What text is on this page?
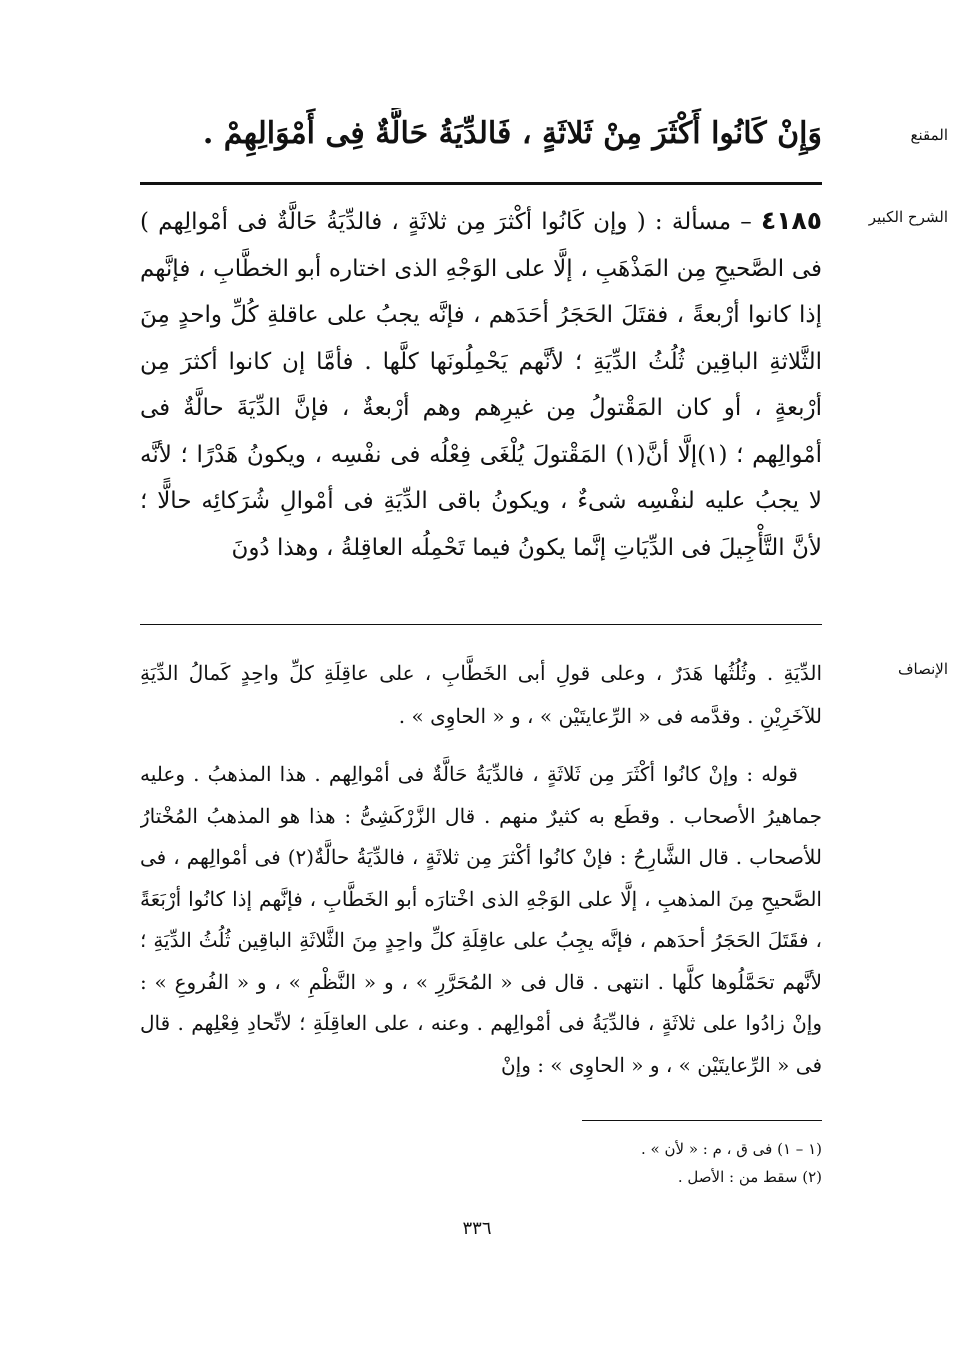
المقنع
وَإِنْ كَانُوا أَكْثَرَ مِنْ ثَلاثَةٍ ، فَالدِّيَةُ حَالَّةٌ فِى أَمْوَالِهِمْ .
الشرح الكبير
٤١٨٥ – مسألة : ( وإن كَانُوا أكْثرَ مِن ثلاثَةٍ ، فالدِّيَةُ حَالَّةٌ فى أمْوالِهم ) فى الصَّحيحِ مِن المَذْهَبِ ، إلَّا على الوَجْهِ الذى اختاره أبو الخطَّابِ ، فإنَّهم إذا كانوا أرْبعةً ، فقتَلَ الحَجَرُ أحَدَهم ، فإنَّه يجبُ على عاقلةِ كُلِّ واحدٍ مِنَ الثَّلاثةِ الباقِين ثُلُثُ الدِّيَةِ ؛ لأنَّهم يَحْمِلُونَها كلَّها . فأمَّا إن كانوا أكثرَ مِن أرْبعةٍ ، أو كان المَقْتولُ مِن غيرِهم وهم أرْبعةٌ ، فإنَّ الدِّيَةَ حالَّةٌ فى أمْوالِهم ؛ (١)إلَّا أنَّ(١) المَقْتولَ يُلْغَى فِعْلُه فى نفْسِه ، ويكونُ هَدْرًا ؛ لأنَّه لا يجبُ عليه لنفْسِه شىءٌ ، ويكونُ باقى الدِّيَةِ فى أمْوالِ شُرَكائِه حالًّا ؛ لأنَّ التَّأْجِيلَ فى الدِّيَاتِ إنَّما يكونُ فيما تَحْمِلُه العاقِلةُ ، وهذا دُونَ
الإنصاف
الدِّيَةِ . وثُلُثُها هَدَرٌ ، وعلى قولِ أبى الخَطَّابِ ، على عاقِلَةِ كلِّ واحِدٍ كَمالُ الدِّيَةِ للآخَرِيْنِ . وقدَّمه فى « الرِّعايتَيْن » ، و « الحاوِى » .
قوله : وإنْ كانُوا أكْثَرَ مِن ثَلاثَةٍ ، فالدِّيَةُ حَالَّةٌ فى أمْوالِهم . هذا المذهبُ . وعليه جماهيرُ الأصحاب . وقطَع به كثيرٌ منهم . قال الزَّرْكَشِىُّ : هذا هو المذهبُ المُخْتارُ للأصحاب . قال الشَّارِحُ : فإنْ كانُوا أكْثرَ مِن ثلاثَةٍ ، فالدِّيَةُ حالَّةٌ(٢) فى أمْوالِهم ، فى الصَّحيحِ مِنَ المذهبِ ، إلَّا على الوَجْهِ الذى اخْتارَه أبو الخَطَّابِ ، فإنَّهم إذا كانُوا أرْبَعَةً ، فقَتَلَ الحَجَرُ أحدَهم ، فإنَّه يجِبُ على عاقِلَةِ كلِّ واحِدٍ مِنَ الثَّلاثَةِ الباقِين ثُلُثُ الدِّيَةِ ؛ لأنَّهم تحَمَّلُوها كلَّها . انتهى . قال فى « المُحَرَّرِ » ، و « النَّظْمِ » ، و « الفُروعِ » : وإنْ زادُوا على ثلاثَةٍ ، فالدِّيَةُ فى أمْوالِهم . وعنه ، على العاقِلَةِ ؛ لاتِّحادِ فِعْلِهم . قال فى « الرِّعايتَيْن » ، و « الحاوِى » : وإنْ
(١ – ١) فى ق ، م : « لأن » .
(٢) سقط من : الأصل .
٣٣٦
